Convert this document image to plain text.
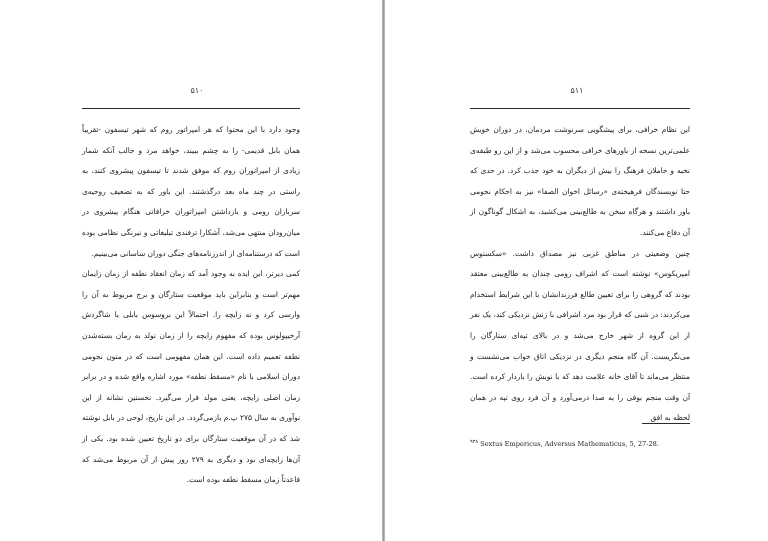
۵۱۰

وجود دارد با این محتوا که هر امپراتور روم که شهر تیسفون -تقریباً همان بابل قدیمی- را به چشم ببیند، خواهد مرد و جالب آنکه شمار زیادی از امپراتوران روم که موفق شدند تا تیسفون پیشروی کنند، به راستی در چند ماه بعد درگذشتند. این باور که به تضعیف روحیه‌ی سربازان رومی و بازداشتن امپراتوران خرافاتی هنگام پیشروی در میان‌رودان منتهی می‌شد، آشکارا ترفندی تبلیغاتی و نیرنگی نظامی بوده است که درستنامه‌ای از اندرزنامه‌های جنگی دوران ساسانی می‌بینیم.

کمی دیرتر، این ایده به وجود آمد که زمان انعقاد نطفه از زمان زایمان مهم‌تر است و بنابراین باید موقعیت ستارگان و برج مربوط به آن را وارسی کرد و نه زایچه را. احتمالاً این بروسوس بابلی یا شاگردش آرخیپولوس بوده که مفهوم زایچه را از زمان تولد به زمان بسته‌شدن نطفه تعمیم داده است. این همان مفهومی است که در متون نجومی دوران اسلامی با نام «مسقط نطفه» مورد اشاره واقع شده و در برابر زمان اصلی زایچه، یعنی مولد قرار می‌گیرد. نخستین نشانه از این نوآوری به سال ۲۷۵ پ.م بازمی‌گردد. در این تاریخ، لوحی در بابل نوشته شد که در آن موقعیت ستارگان برای دو تاریخ تعیین شده بود. یکی از آن‌ها زایچه‌ای بود و دیگری به ۲۷۹ روز پیش از آن مربوط می‌شد که قاعدتاً زمان مسقط نطفه بوده است.

۵۱۱

این نظام خرافی، برای پیشگویی سرنوشت مردمان، در دوران خویش علمی‌ترین نسخه از باورهای خرافی محسوب می‌شد و از این رو طبقه‌ی نخبه و حاملان فرهنگ را بیش از دیگران به خود جذب کرد. در حدی که حتا نویسندگان فرهیخته‌ی «رسائل اخوان الصفا» نیز به احکام نجومی باور داشتند و هرگاه سخن به طالع‌بینی می‌کشید، به اشکال گوناگون از آن دفاع می‌کنند.

چنین وضعیتی در مناطق غربی نیز مصداق داشت. «سکستوس امپریکوس» نوشته است که اشراف رومی چندان به طالع‌بینی معتقد بودند که گروهی را برای تعیین طالع فرزندانشان با این شرایط استخدام می‌کردند: در شبی که قرار بود مرد اشرافی با زنش نزدیکی کند، یک نفر از این گروه از شهر خارج می‌شد و در بالای تپه‌ای ستارگان را می‌نگریست. آن گاه منجم دیگری در نزدیکی اتاق خواب می‌نشست و منتظر می‌ماند تا آقای خانه علامت دهد که با نوبش را باردار کرده است. آن وقت منجم بوقی را به صدا درمی‌آورد و آن فرد روی تپه در همان لحظه به افق

$^{۹۳۸}$ Sextus Empericus, Adversus Mathematicus, 5, 27-28.
